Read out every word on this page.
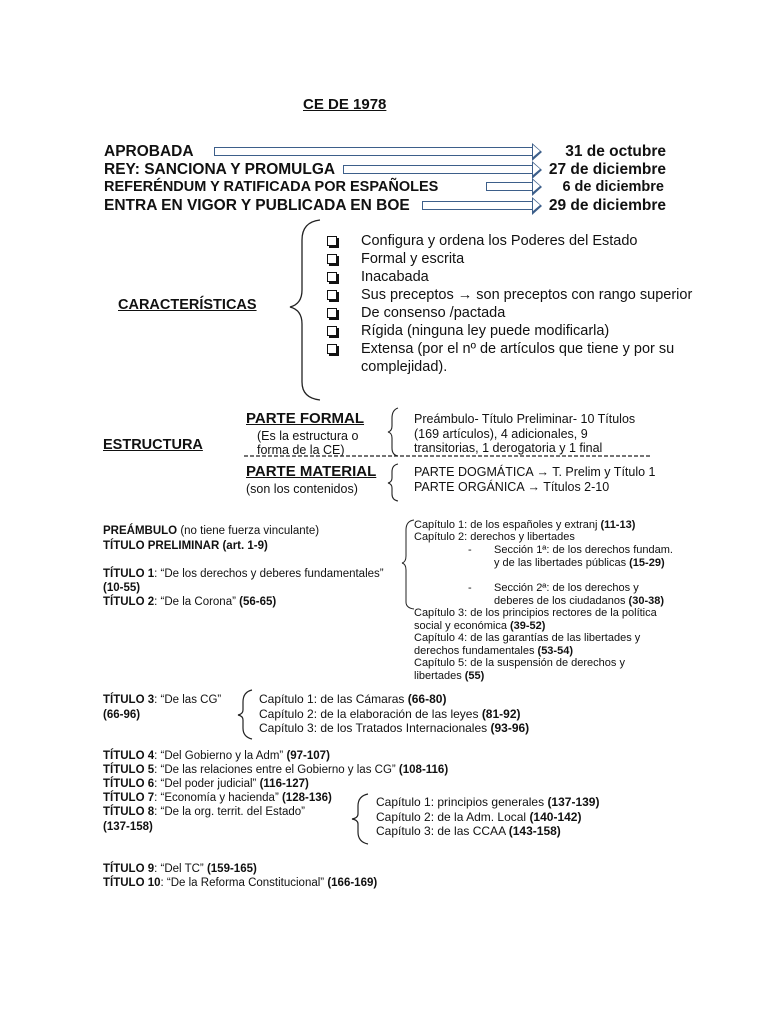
CE DE 1978
APROBADA	31 de octubre
REY: SANCIONA Y PROMULGA	27 de diciembre
REFERÉNDUM Y RATIFICADA POR ESPAÑOLES	6 de diciembre
ENTRA EN VIGOR Y PUBLICADA EN BOE	29 de diciembre
CARACTERÍSTICAS
Configura y ordena los Poderes del Estado
Formal y escrita
Inacabada
Sus preceptos → son preceptos con rango superior
De consenso /pactada
Rígida (ninguna ley puede modificarla)
Extensa (por el nº de artículos que tiene y por su complejidad).
ESTRUCTURA
PARTE FORMAL
(Es la estructura o forma de la CE)
Preámbulo- Título Preliminar- 10 Títulos (169 artículos), 4 adicionales, 9 transitorias, 1 derogatoria y 1 final
PARTE MATERIAL
(son los contenidos)
PARTE DOGMÁTICA → T. Prelim y Título 1
PARTE ORGÁNICA → Títulos 2-10
PREÁMBULO (no tiene fuerza vinculante)
TÍTULO PRELIMINAR (art. 1-9)
TÍTULO 1: “De los derechos y deberes fundamentales”
(10-55)
TÍTULO 2: “De la Corona” (56-65)
Capítulo 1: de los españoles y extranj (11-13)
Capítulo 2: derechos y libertades
- Sección 1ª: de los derechos fundam. y de las libertades públicas (15-29)
- Sección 2ª: de los derechos y deberes de los ciudadanos (30-38)
Capítulo 3: de los principios rectores de la política social y económica (39-52)
Capítulo 4: de las garantías de las libertades y derechos fundamentales (53-54)
Capítulo 5: de la suspensión de derechos y libertades (55)
TÍTULO 3: “De las CG”
(66-96)
Capítulo 1: de las Cámaras (66-80)
Capítulo 2: de la elaboración de las leyes (81-92)
Capítulo 3: de los Tratados Internacionales (93-96)
TÍTULO 4: “Del Gobierno y la Adm” (97-107)
TÍTULO 5: “De las relaciones entre el Gobierno y las CG” (108-116)
TÍTULO 6: “Del poder judicial” (116-127)
TÍTULO 7: “Economía y hacienda” (128-136)
TÍTULO 8: “De la org. territ. del Estado”
(137-158)
Capítulo 1: principios generales (137-139)
Capítulo 2: de la Adm. Local (140-142)
Capítulo 3: de las CCAA (143-158)
TÍTULO 9: “Del TC” (159-165)
TÍTULO 10: “De la Reforma Constitucional” (166-169)
